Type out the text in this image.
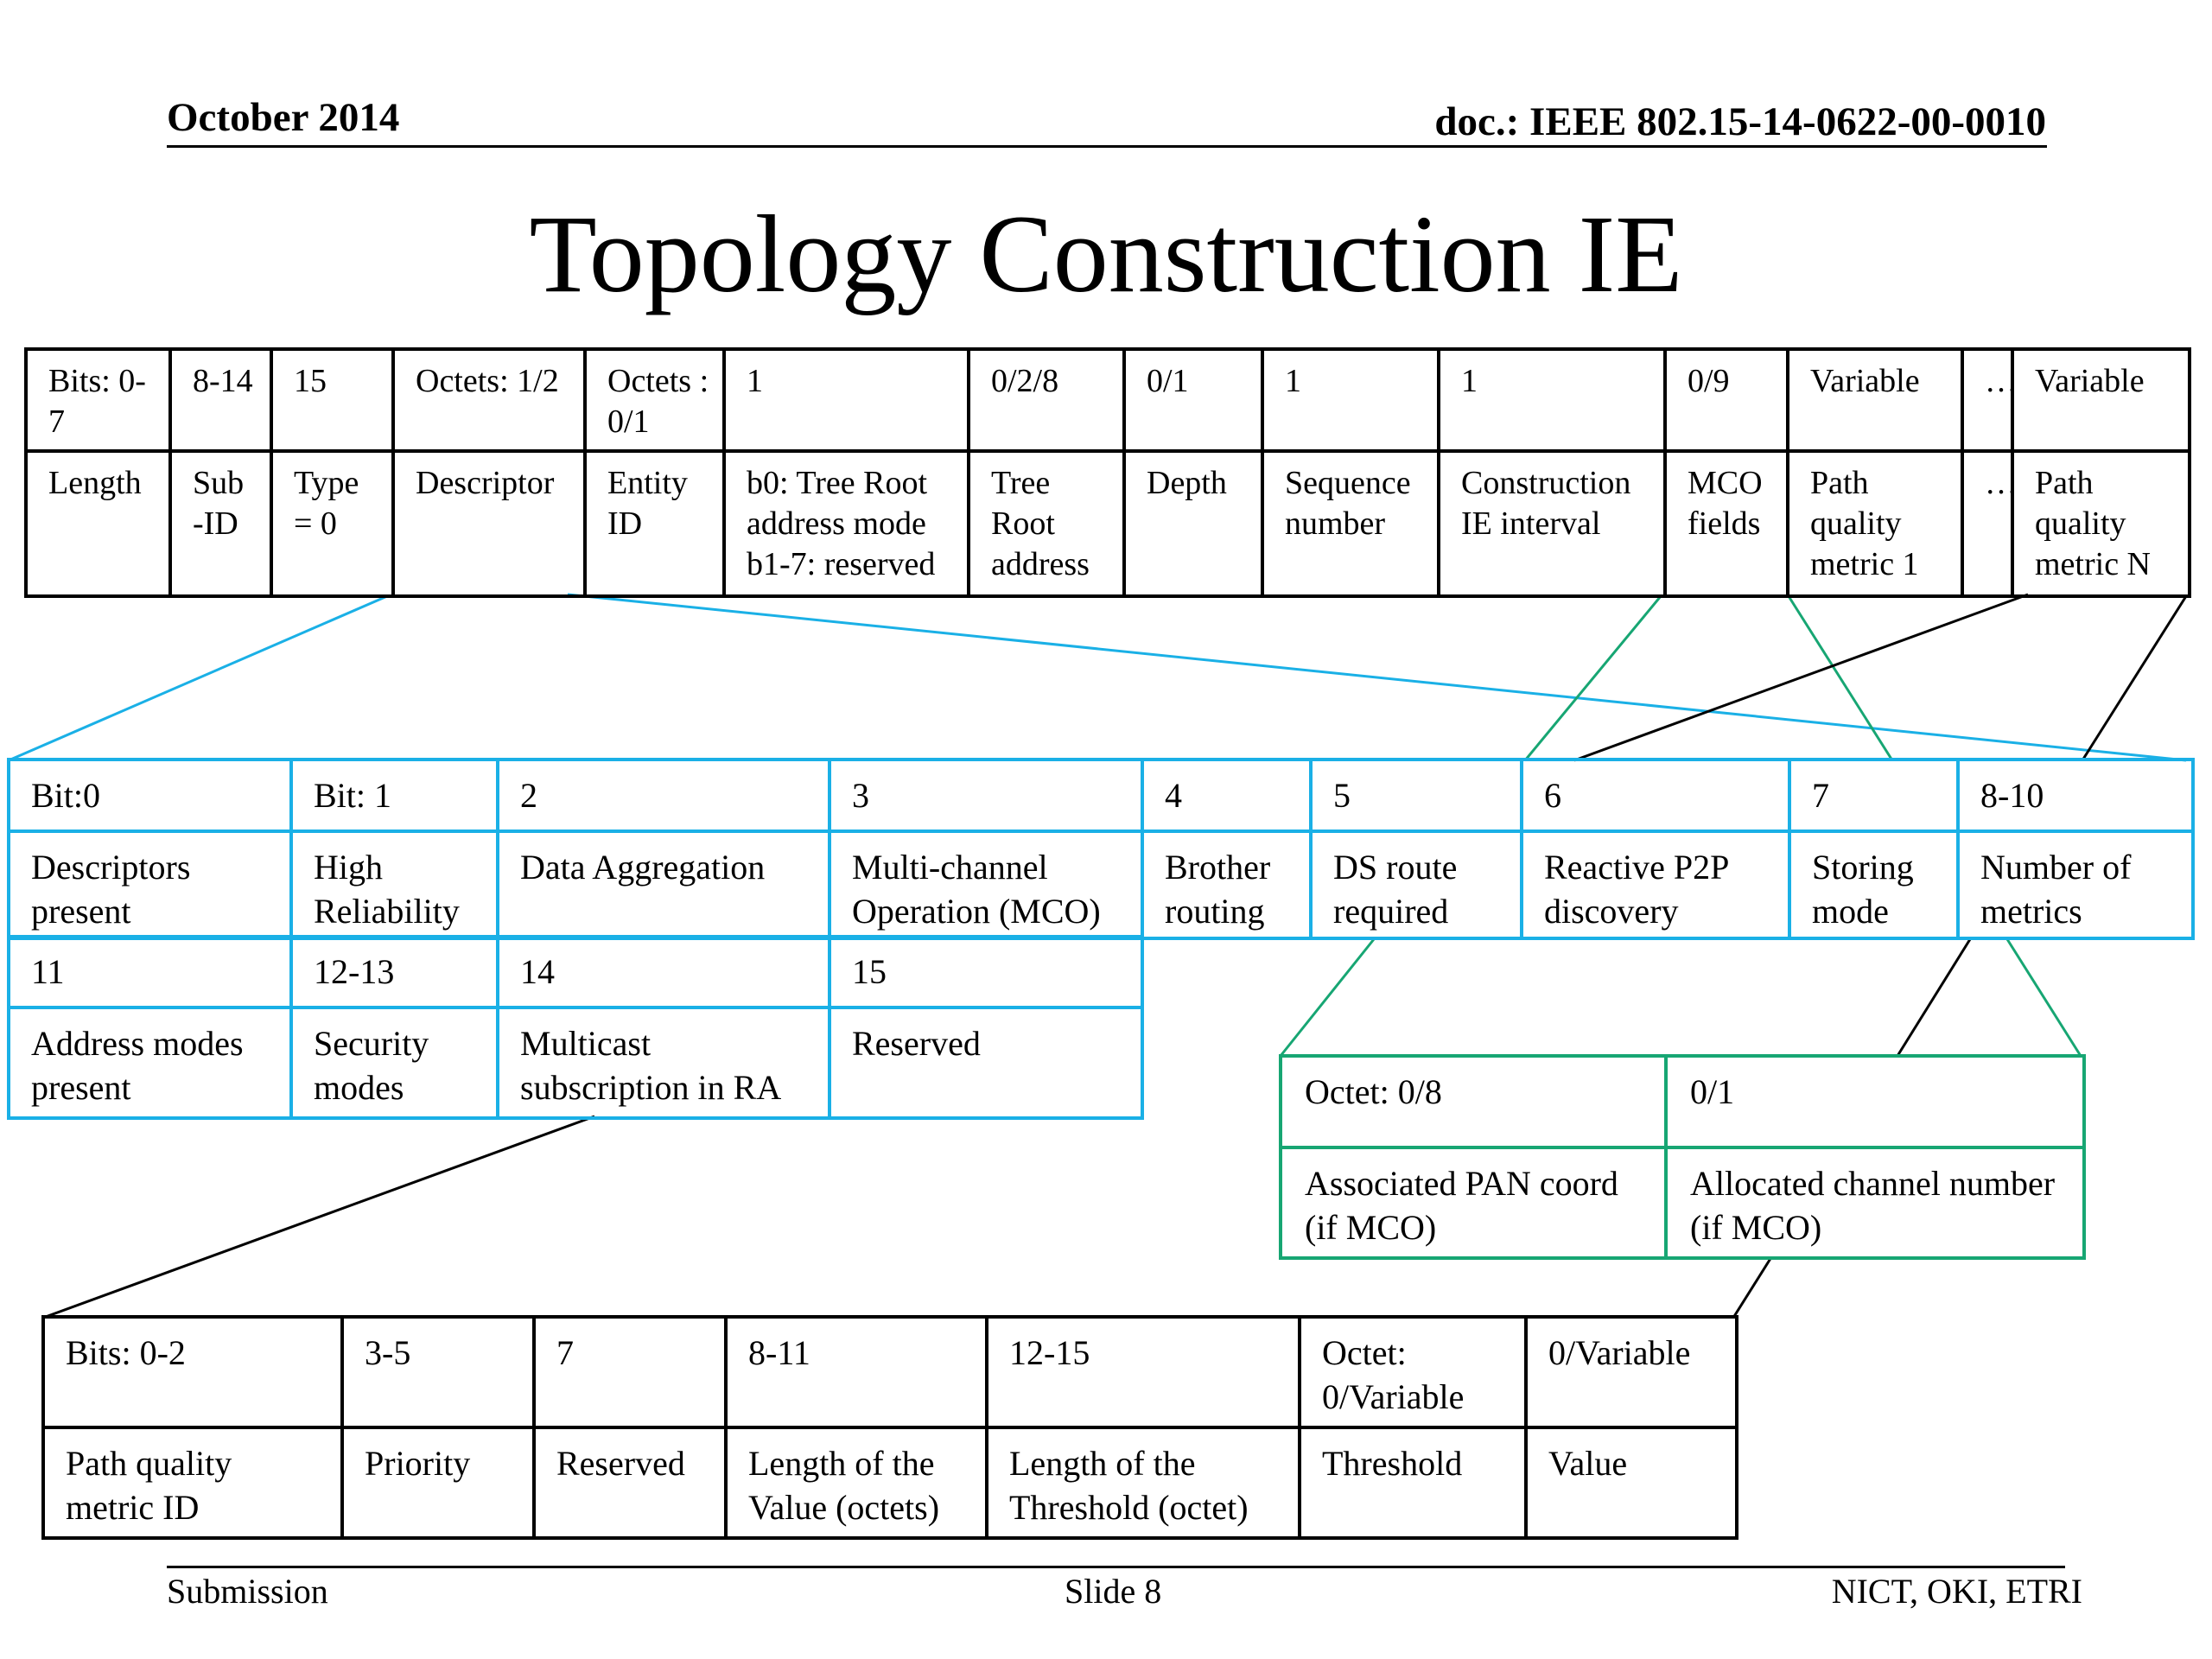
October 2014	doc.: IEEE 802.15-14-0622-00-0010
Topology Construction IE
Bits: 0-7	8-14	15	Octets: 1/2	Octets : 0/1	1	0/2/8	0/1	1	1	0/9	Variable	…	Variable
Length	Sub -ID	Type = 0	Descriptor	Entity ID	b0: Tree Root address mode b1-7: reserved	Tree Root address	Depth	Sequence number	Construction IE interval	MCO fields	Path quality metric 1	…	Path quality metric N
Bit:0	Bit: 1	2	3	4	5	6	7	8-10
Descriptors present	High Reliability	Data Aggregation	Multi-channel Operation (MCO)	Brother routing	DS route required	Reactive P2P discovery	Storing mode	Number of metrics
11	12-13	14	15
Address modes present	Security modes	Multicast subscription in RA	Reserved
Octet: 0/8	0/1
Associated PAN coord (if MCO)	Allocated channel number (if MCO)
Bits: 0-2	3-5	7	8-11	12-15	Octet: 0/Variable	0/Variable
Path quality metric ID	Priority	Reserved	Length of the Value (octets)	Length of the Threshold (octet)	Threshold	Value
Submission	Slide 8	NICT, OKI, ETRI
